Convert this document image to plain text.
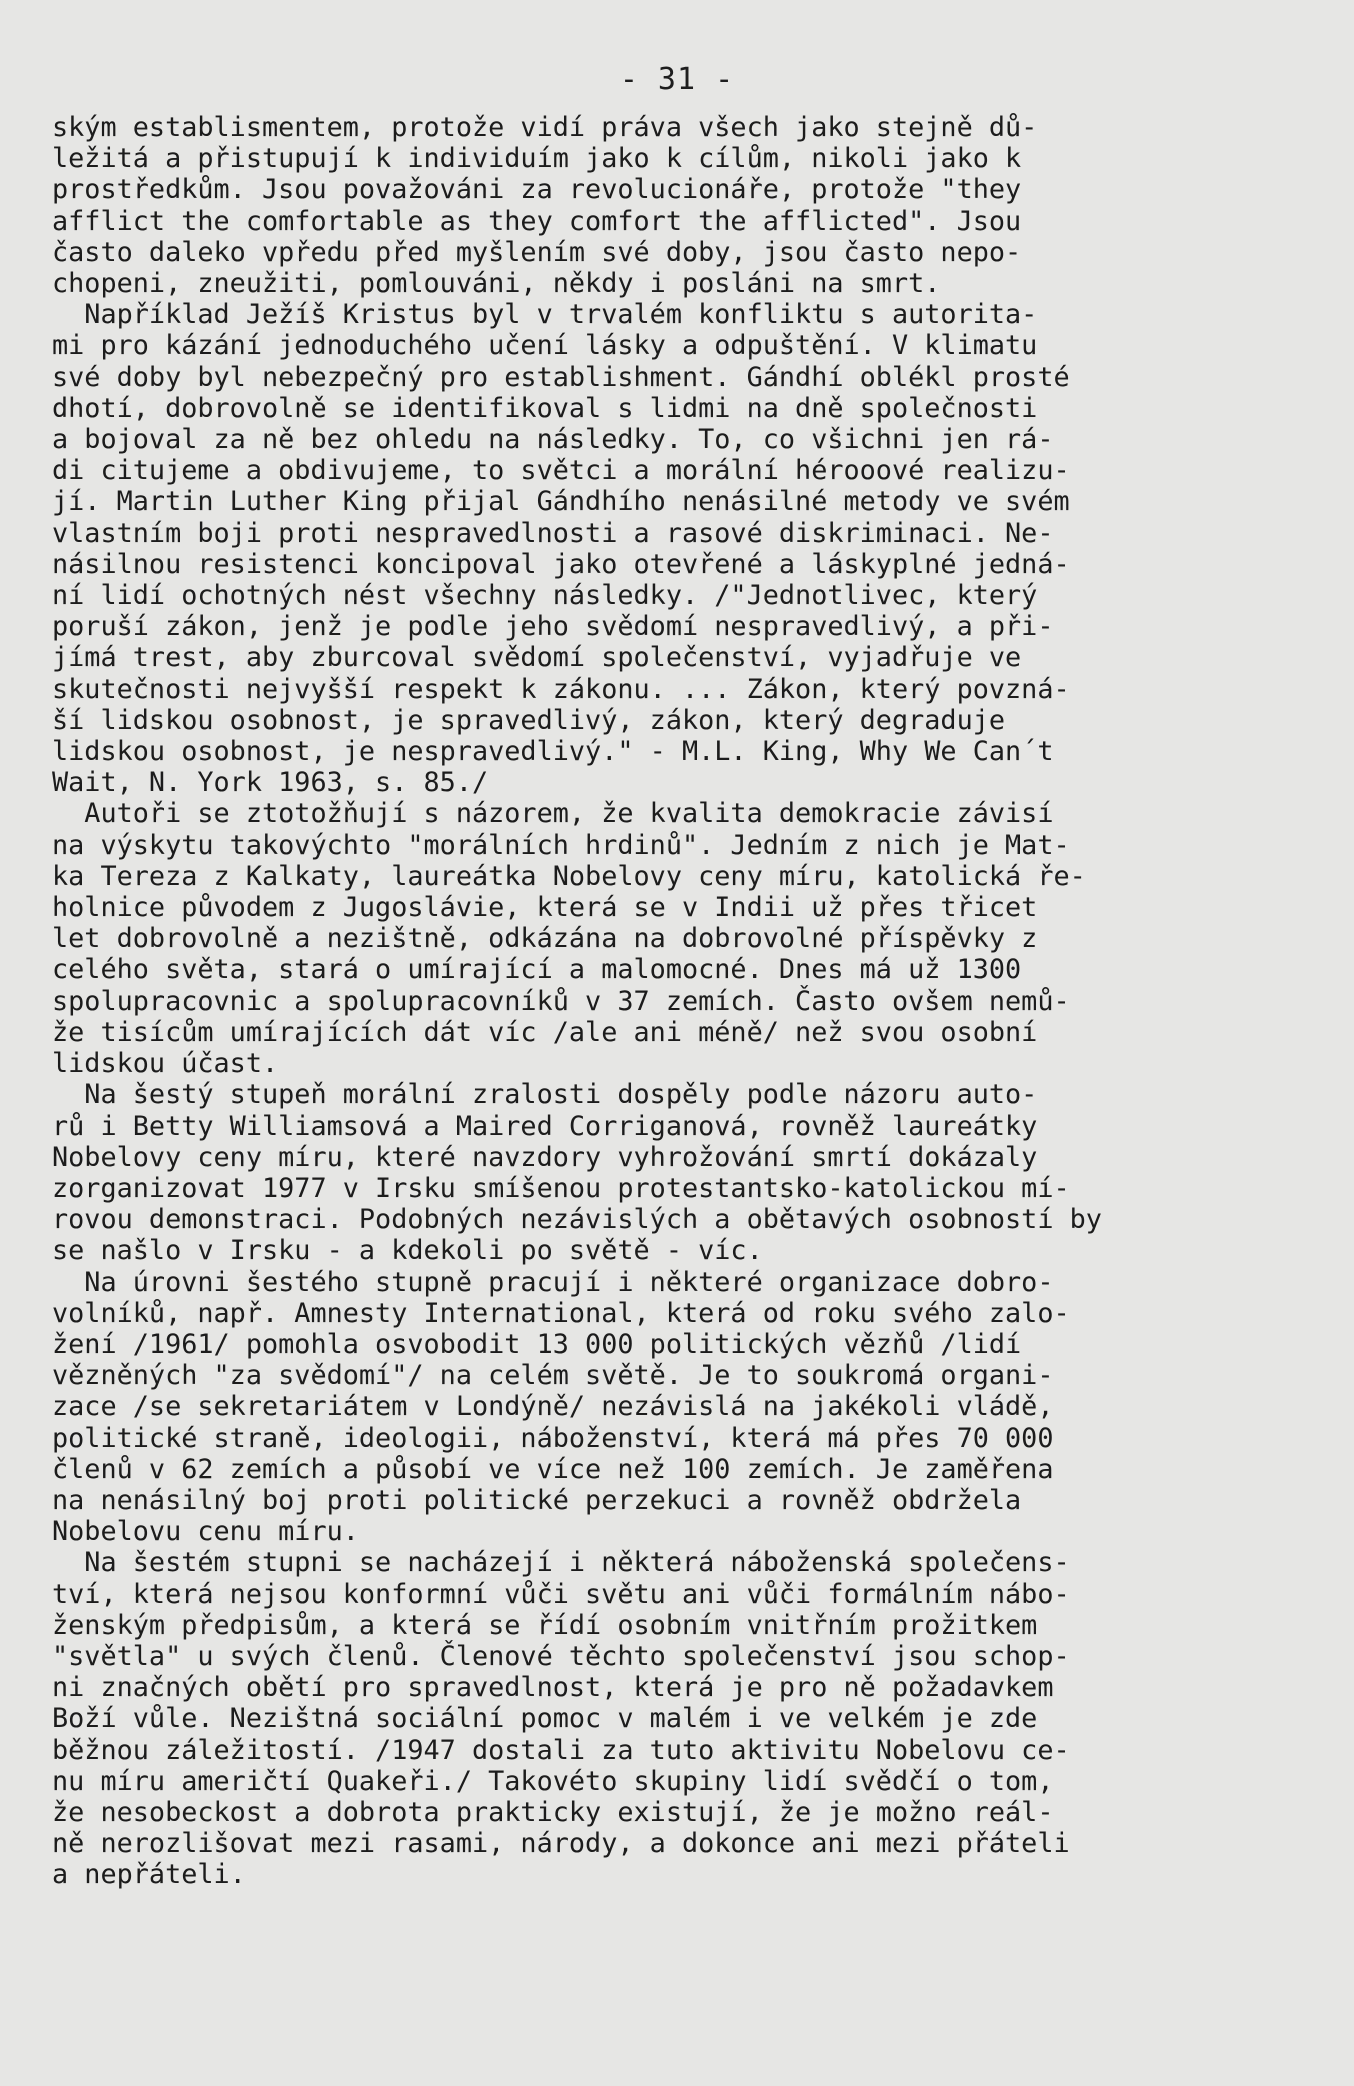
- 31 -
ským establismentem, protože vidí práva všech jako stejně dů-
ležitá a přistupují k individuím jako k cílům, nikoli jako k
prostředkům. Jsou považováni za revolucionáře, protože "they
afflict the comfortable as they comfort the afflicted". Jsou
často daleko vpředu před myšlením své doby, jsou často nepo-
chopeni, zneužiti, pomlouváni, někdy i posláni na smrt.
Například Ježíš Kristus byl v trvalém konfliktu s autorita-
mi pro kázání jednoduchého učení lásky a odpuštění. V klimatu
své doby byl nebezpečný pro establishment. Gándhí oblékl prosté
dhotí, dobrovolně se identifikoval s lidmi na dně společnosti
a bojoval za ně bez ohledu na následky. To, co všichni jen rá-
di citujeme a obdivujeme, to světci a morální hérooové realizu-
jí. Martin Luther King přijal Gándhího nenásilné metody ve svém
vlastním boji proti nespravedlnosti a rasové diskriminaci. Ne-
násilnou resistenci koncipoval jako otevřené a láskyplné jedná-
ní lidí ochotných nést všechny následky. /"Jednotlivec, který
poruší zákon, jenž je podle jeho svědomí nespravedlivý, a při-
jímá trest, aby zburcoval svědomí společenství, vyjadřuje ve
skutečnosti nejvyšší respekt k zákonu. ... Zákon, který povzná-
ší lidskou osobnost, je spravedlivý, zákon, který degraduje
lidskou osobnost, je nespravedlivý." - M.L. King, Why We Can´t
Wait, N. York 1963, s. 85./
Autoři se ztotožňují s názorem, že kvalita demokracie závisí
na výskytu takovýchto "morálních hrdinů". Jedním z nich je Mat-
ka Tereza z Kalkaty, laureátka Nobelovy ceny míru, katolická ře-
holnice původem z Jugoslávie, která se v Indii už přes třicet
let dobrovolně a nezištně, odkázána na dobrovolné příspěvky z
celého světa, stará o umírající a malomocné. Dnes má už 1300
spolupracovnic a spolupracovníků v 37 zemích. Často ovšem nemů-
že tisícům umírajících dát víc /ale ani méně/ než svou osobní
lidskou účast.
Na šestý stupeň morální zralosti dospěly podle názoru auto-
rů i Betty Williamsová a Maired Corriganová, rovněž laureátky
Nobelovy ceny míru, které navzdory vyhrožování smrtí dokázaly
zorganizovat 1977 v Irsku smíšenou protestantsko-katolickou mí-
rovou demonstraci. Podobných nezávislých a obětavých osobností by
se našlo v Irsku - a kdekoli po světě - víc.
Na úrovni šestého stupně pracují i některé organizace dobro-
volníků, např. Amnesty International, která od roku svého zalo-
žení /1961/ pomohla osvobodit 13 000 politických vězňů /lidí
vězněných "za svědomí"/ na celém světě. Je to soukromá organi-
zace /se sekretariátem v Londýně/ nezávislá na jakékoli vládě,
politické straně, ideologii, náboženství, která má přes 70 000
členů v 62 zemích a působí ve více než 100 zemích. Je zaměřena
na nenásilný boj proti politické perzekuci a rovněž obdržela
Nobelovu cenu míru.
Na šestém stupni se nacházejí i některá náboženská společens-
tví, která nejsou konformní vůči světu ani vůči formálním nábo-
ženským předpisům, a která se řídí osobním vnitřním prožitkem
"světla" u svých členů. Členové těchto společenství jsou schop-
ni značných obětí pro spravedlnost, která je pro ně požadavkem
Boží vůle. Nezištná sociální pomoc v malém i ve velkém je zde
běžnou záležitostí. /1947 dostali za tuto aktivitu Nobelovu ce-
nu míru američtí Quakeři./ Takovéto skupiny lidí svědčí o tom,
že nesobeckost a dobrota prakticky existují, že je možno reál-
ně nerozlišovat mezi rasami, národy, a dokonce ani mezi přáteli
a nepřáteli.
